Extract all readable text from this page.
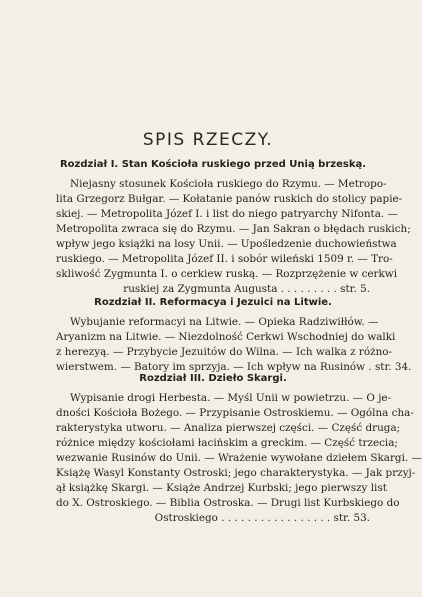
SPIS RZECZY.
Rozdział I. Stan Kościoła ruskiego przed Unią brzeską.
Niejasny stosunek Kościoła ruskiego do Rzymu. — Metropo-
lita Grzegorz Bułgar. — Kołatanie panów ruskich do stolicy papie-
skiej. — Metropolita Józef I. i list do niego patryarchy Nifonta. —
Metropolita zwraca się do Rzymu. — Jan Sakran o błędach ruskich;
wpływ jego książki na losy Unii. — Upośledzenie duchowieństwa
ruskiego. — Metropolita Józef II. i sobór wileński 1509 r. — Tro-
skliwość Zygmunta I. o cerkiew ruską. — Rozprzężenie w cerkwi
ruskiej za Zygmunta Augusta . . . . . . . . . str. 5.
Rozdział II. Reformacya i Jezuici na Litwie.
Wybujanie reformacyi na Litwie. — Opieka Radziwiłłów. —
Aryanizm na Litwie. — Niezdolność Cerkwi Wschodniej do walki
z herezyą. — Przybycie Jezuitów do Wilna. — Ich walka z różno-
wierstwem. — Batory im sprzyja. — Ich wpływ na Rusinów . str. 34.
Rozdział III. Dzieło Skargi.
Wypisanie drogi Herbesta. — Myśl Unii w powietrzu. — O je-
dności Kościoła Bożego. — Przypisanie Ostroskiemu. — Ogólna cha-
rakterystyka utworu. — Analiza pierwszej części. — Część druga;
różnice między kościołami łacińskim a greckim. — Część trzecia;
wezwanie Rusinów do Unii. — Wrażenie wywołane dziełem Skargi. —
Książę Wasyl Konstanty Ostroski; jego charakterystyka. — Jak przyj-
ął książkę Skargi. — Książe Andrzej Kurbski; jego pierwszy list
do X. Ostroskiego. — Biblia Ostroska. — Drugi list Kurbskiego do
Ostroskiego . . . . . . . . . . . . . . . . . str. 53.
